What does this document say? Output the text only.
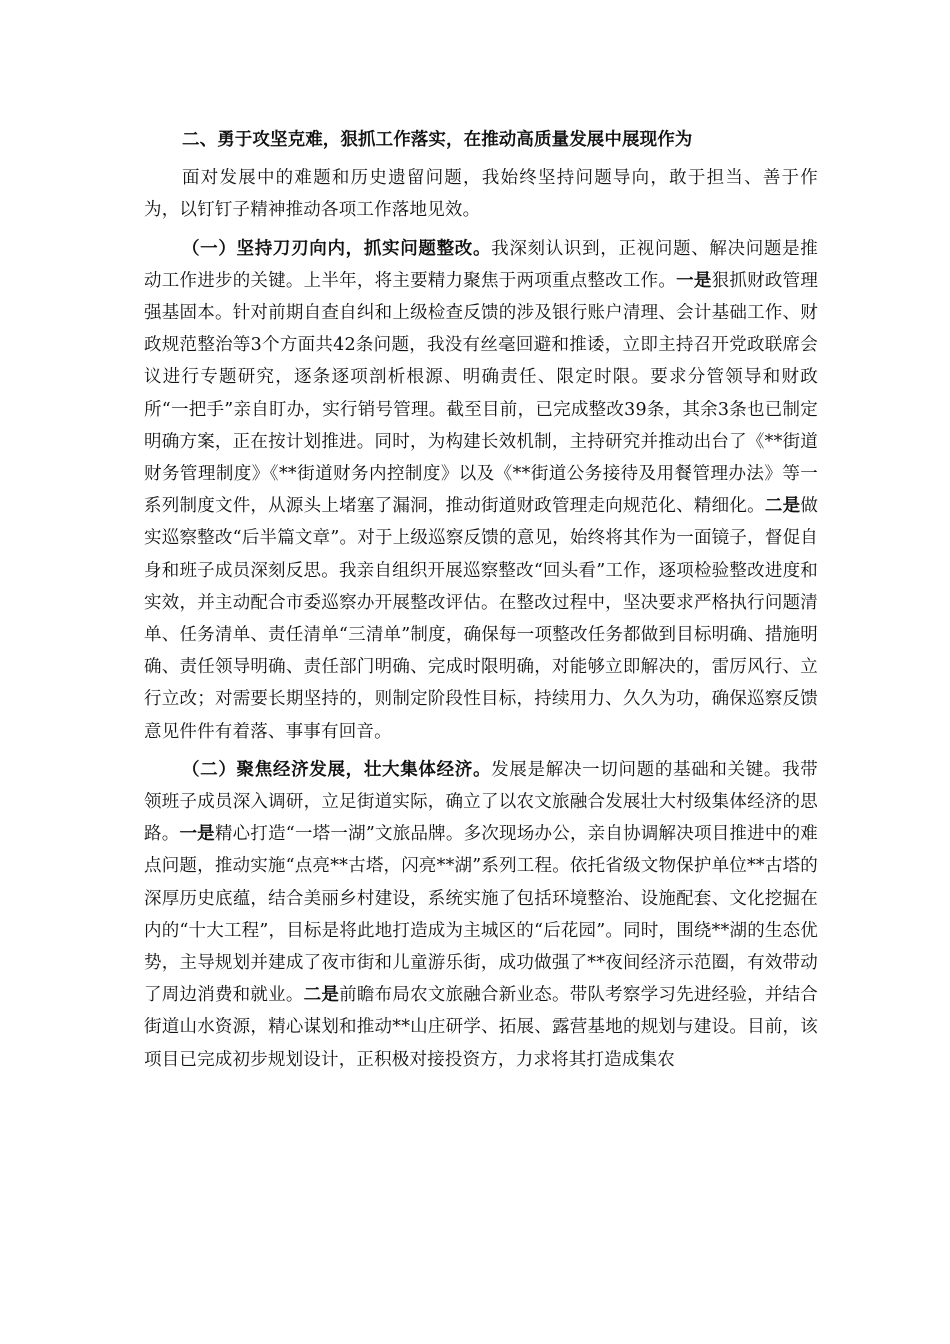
二、勇于攻坚克难，狠抓工作落实，在推动高质量发展中展现作为

面对发展中的难题和历史遗留问题，我始终坚持问题导向，敢于担当、善于作为，以钉钉子精神推动各项工作落地见效。

（一）坚持刀刃向内，抓实问题整改。我深刻认识到，正视问题、解决问题是推动工作进步的关键。上半年，将主要精力聚焦于两项重点整改工作。一是狠抓财政管理强基固本。针对前期自查自纠和上级检查反馈的涉及银行账户清理、会计基础工作、财政规范整治等3个方面共42条问题，我没有丝毫回避和推诿，立即主持召开党政联席会议进行专题研究，逐条逐项剖析根源、明确责任、限定时限。要求分管领导和财政所“一把手”亲自盯办，实行销号管理。截至目前，已完成整改39条，其余3条也已制定明确方案，正在按计划推进。同时，为构建长效机制，主持研究并推动出台了《**街道财务管理制度》《**街道财务内控制度》以及《**街道公务接待及用餐管理办法》等一系列制度文件，从源头上堵塞了漏洞，推动街道财政管理走向规范化、精细化。二是做实巡察整改“后半篇文章”。对于上级巡察反馈的意见，始终将其作为一面镜子，督促自身和班子成员深刻反思。我亲自组织开展巡察整改“回头看”工作，逐项检验整改进度和实效，并主动配合市委巡察办开展整改评估。在整改过程中，坚决要求严格执行问题清单、任务清单、责任清单“三清单”制度，确保每一项整改任务都做到目标明确、措施明确、责任领导明确、责任部门明确、完成时限明确，对能够立即解决的，雷厉风行、立行立改；对需要长期坚持的，则制定阶段性目标，持续用力、久久为功，确保巡察反馈意见件件有着落、事事有回音。

（二）聚焦经济发展，壮大集体经济。发展是解决一切问题的基础和关键。我带领班子成员深入调研，立足街道实际，确立了以农文旅融合发展壮大村级集体经济的思路。一是精心打造“一塔一湖”文旅品牌。多次现场办公，亲自协调解决项目推进中的难点问题，推动实施“点亮**古塔，闪亮**湖”系列工程。依托省级文物保护单位**古塔的深厚历史底蕴，结合美丽乡村建设，系统实施了包括环境整治、设施配套、文化挖掘在内的“十大工程”，目标是将此地打造成为主城区的“后花园”。同时，围绕**湖的生态优势，主导规划并建成了夜市街和儿童游乐街，成功做强了**夜间经济示范圈，有效带动了周边消费和就业。二是前瞻布局农文旅融合新业态。带队考察学习先进经验，并结合街道山水资源，精心谋划和推动**山庄研学、拓展、露营基地的规划与建设。目前，该项目已完成初步规划设计，正积极对接投资方，力求将其打造成集农
